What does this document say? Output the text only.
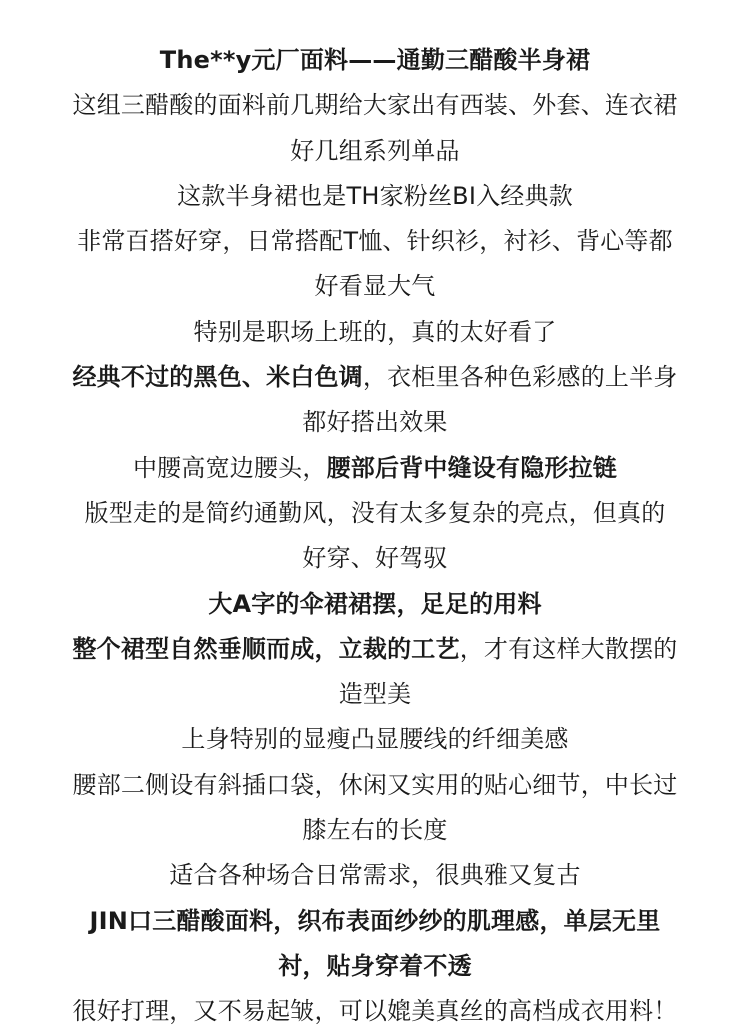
The**y元厂面料——通勤三醋酸半身裙
这组三醋酸的面料前几期给大家出有西装、外套、连衣裙
好几组系列单品
这款半身裙也是TH家粉丝BI入经典款
非常百搭好穿，日常搭配T恤、针织衫，衬衫、背心等都
好看显大气
特别是职场上班的，真的太好看了
经典不过的黑色、米白色调，衣柜里各种色彩感的上半身
都好搭出效果
中腰高宽边腰头，腰部后背中缝设有隐形拉链
版型走的是简约通勤风，没有太多复杂的亮点，但真的
好穿、好驾驭
大A字的伞裙裙摆，足足的用料
整个裙型自然垂顺而成，立裁的工艺，才有这样大散摆的
造型美
上身特别的显瘦凸显腰线的纤细美感
腰部二侧设有斜插口袋，休闲又实用的贴心细节，中长过
膝左右的长度
适合各种场合日常需求，很典雅又复古
JIN口三醋酸面料，织布表面纱纱的肌理感，单层无里
衬，贴身穿着不透
很好打理，又不易起皱，可以媲美真丝的高档成衣用料！
